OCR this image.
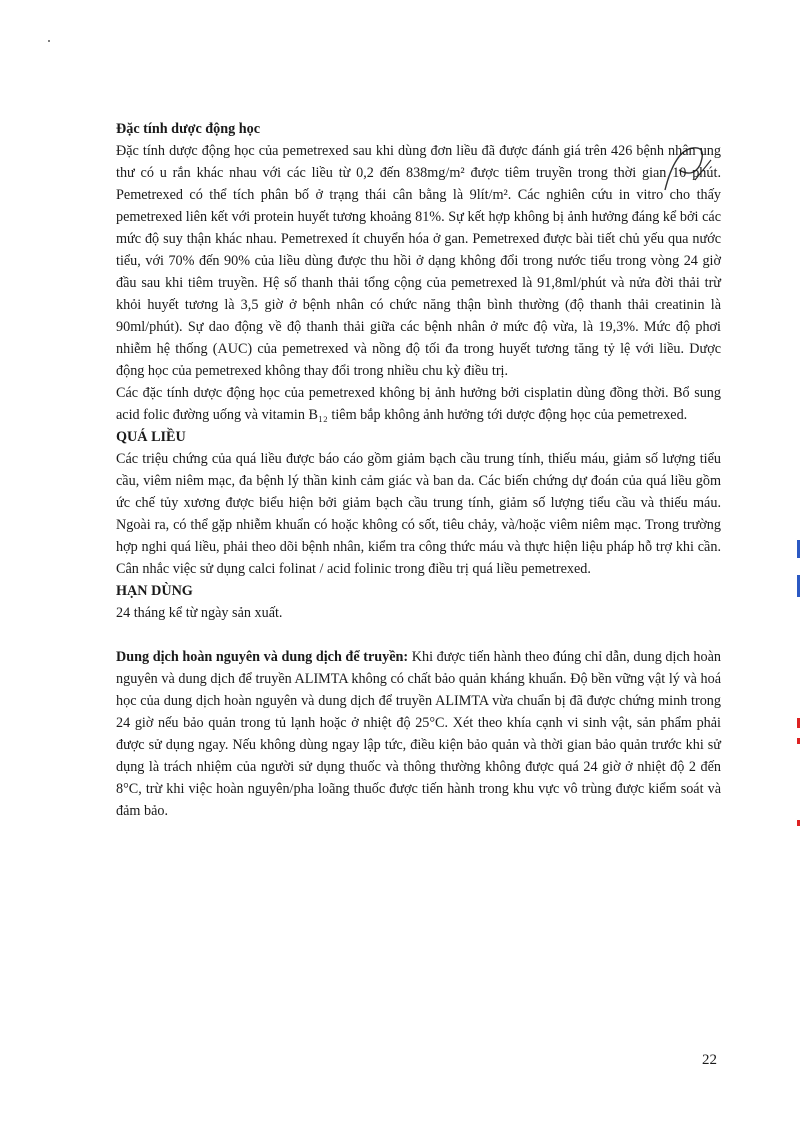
Đặc tính dược động học

Đặc tính dược động học của pemetrexed sau khi dùng đơn liều đã được đánh giá trên 426 bệnh nhân ung thư có u rắn khác nhau với các liều từ 0,2 đến 838mg/m² được tiêm truyền trong thời gian 10 phút. Pemetrexed có thể tích phân bố ở trạng thái cân bằng là 9lít/m². Các nghiên cứu in vitro cho thấy pemetrexed liên kết với protein huyết tương khoảng 81%. Sự kết hợp không bị ảnh hưởng đáng kể bởi các mức độ suy thận khác nhau. Pemetrexed ít chuyển hóa ở gan. Pemetrexed được bài tiết chủ yếu qua nước tiểu, với 70% đến 90% của liều dùng được thu hồi ở dạng không đổi trong nước tiểu trong vòng 24 giờ đầu sau khi tiêm truyền. Hệ số thanh thải tổng cộng của pemetrexed là 91,8ml/phút và nửa đời thải trừ khỏi huyết tương là 3,5 giờ ở bệnh nhân có chức năng thận bình thường (độ thanh thải creatinin là 90ml/phút). Sự dao động về độ thanh thải giữa các bệnh nhân ở mức độ vừa, là 19,3%. Mức độ phơi nhiễm hệ thống (AUC) của pemetrexed và nồng độ tối đa trong huyết tương tăng tỷ lệ với liều. Dược động học của pemetrexed không thay đổi trong nhiều chu kỳ điều trị.

Các đặc tính dược động học của pemetrexed không bị ảnh hưởng bởi cisplatin dùng đồng thời. Bổ sung acid folic đường uống và vitamin B₁₂ tiêm bắp không ảnh hưởng tới dược động học của pemetrexed.

QUÁ LIỀU

Các triệu chứng của quá liều được báo cáo gồm giảm bạch cầu trung tính, thiếu máu, giảm số lượng tiểu cầu, viêm niêm mạc, đa bệnh lý thần kinh cảm giác và ban da. Các biến chứng dự đoán của quá liều gồm ức chế tủy xương được biểu hiện bởi giảm bạch cầu trung tính, giảm số lượng tiểu cầu và thiếu máu. Ngoài ra, có thể gặp nhiễm khuẩn có hoặc không có sốt, tiêu chảy, và/hoặc viêm niêm mạc. Trong trường hợp nghi quá liều, phải theo dõi bệnh nhân, kiểm tra công thức máu và thực hiện liệu pháp hỗ trợ khi cần. Cân nhắc việc sử dụng calci folinat / acid folinic trong điều trị quá liều pemetrexed.

HẠN DÙNG

24 tháng kể từ ngày sản xuất.

Dung dịch hoàn nguyên và dung dịch để truyền: Khi được tiến hành theo đúng chỉ dẫn, dung dịch hoàn nguyên và dung dịch để truyền ALIMTA không có chất bảo quản kháng khuẩn. Độ bền vững vật lý và hoá học của dung dịch hoàn nguyên và dung dịch để truyền ALIMTA vừa chuẩn bị đã được chứng minh trong 24 giờ nếu bảo quản trong tủ lạnh hoặc ở nhiệt độ 25°C. Xét theo khía cạnh vi sinh vật, sản phẩm phải được sử dụng ngay. Nếu không dùng ngay lập tức, điều kiện bảo quản và thời gian bảo quản trước khi sử dụng là trách nhiệm của người sử dụng thuốc và thông thường không được quá 24 giờ ở nhiệt độ 2 đến 8°C, trừ khi việc hoàn nguyên/pha loãng thuốc được tiến hành trong khu vực vô trùng được kiểm soát và đảm bảo.

22
